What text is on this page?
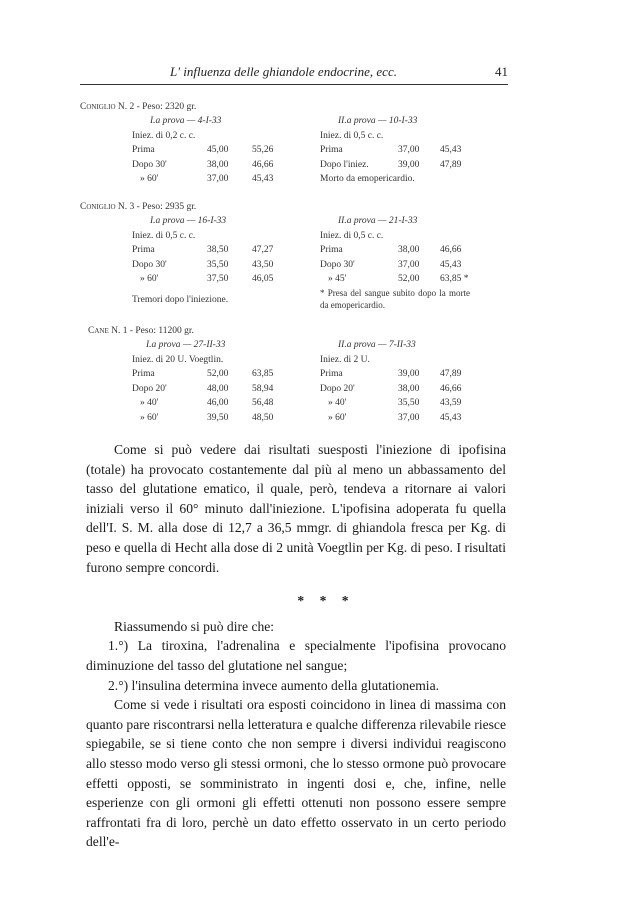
L' influenza delle ghiandole endocrine, ecc.	41
Coniglio N. 2 - Peso: 2320 gr.
I.a prova — 4-I-33
Iniez. di 0,2 c. c.
Prima	45,00 55,26
Dopo 30'	38,00 46,66
» 60'	37,00 45,43
II.a prova — 10-I-33
Iniez. di 0,5 c. c.
Prima	37,00 45,43
Dopo l'iniez.	39,00 47,89
Morto da emopericardio.
Coniglio N. 3 - Peso: 2935 gr.
I.a prova — 16-I-33
Iniez. di 0,5 c. c.
Prima	38,50 47,27
Dopo 30'	35,50 43,50
» 60'	37,50 46,05
Tremori dopo l'iniezione.
II.a prova — 21-I-33
Iniez. di 0,5 c. c.
Prima	38,00 46,66
Dopo 30'	37,00 45,43
» 45'	52,00 63,85 *
* Presa del sangue subito dopo la morte da emopericardio.
Cane N. 1 - Peso: 11200 gr.
I.a prova — 27-II-33
Iniez. di 20 U. Voegtlin.
Prima	52,00 63,85
Dopo 20'	48,00 58,94
» 40'	46,00 56,48
» 60'	39,50 48,50
II.a prova — 7-II-33
Iniez. di 2 U.
Prima	39,00 47,89
Dopo 20'	38,00 46,66
» 40'	35,50 43,59
» 60'	37,00 45,43

Come si può vedere dai risultati suesposti l'iniezione di ipofisina (totale) ha provocato costantemente dal più al meno un abbassamento del tasso del glutatione ematico, il quale, però, tendeva a ritornare ai valori iniziali verso il 60° minuto dall'iniezione. L'ipofisina adoperata fu quella dell'I. S. M. alla dose di 12,7 a 36,5 mmgr. di ghiandola fresca per Kg. di peso e quella di Hecht alla dose di 2 unità Voegtlin per Kg. di peso. I risultati furono sempre concordi.

* * *

Riassumendo si può dire che:

1.°) La tiroxina, l'adrenalina e specialmente l'ipofisina provocano diminuzione del tasso del glutatione nel sangue;

2.°) l'insulina determina invece aumento della glutationemia.

Come si vede i risultati ora esposti coincidono in linea di massima con quanto pare riscontrarsi nella letteratura e qualche differenza rilevabile riesce spiegabile, se si tiene conto che non sempre i diversi individui reagiscono allo stesso modo verso gli stessi ormoni, che lo stesso ormone può provocare effetti opposti, se somministrato in ingenti dosi e, che, infine, nelle esperienze con gli ormoni gli effetti ottenuti non possono essere sempre raffrontati fra di loro, perchè un dato effetto osservato in un certo periodo dell'e-
